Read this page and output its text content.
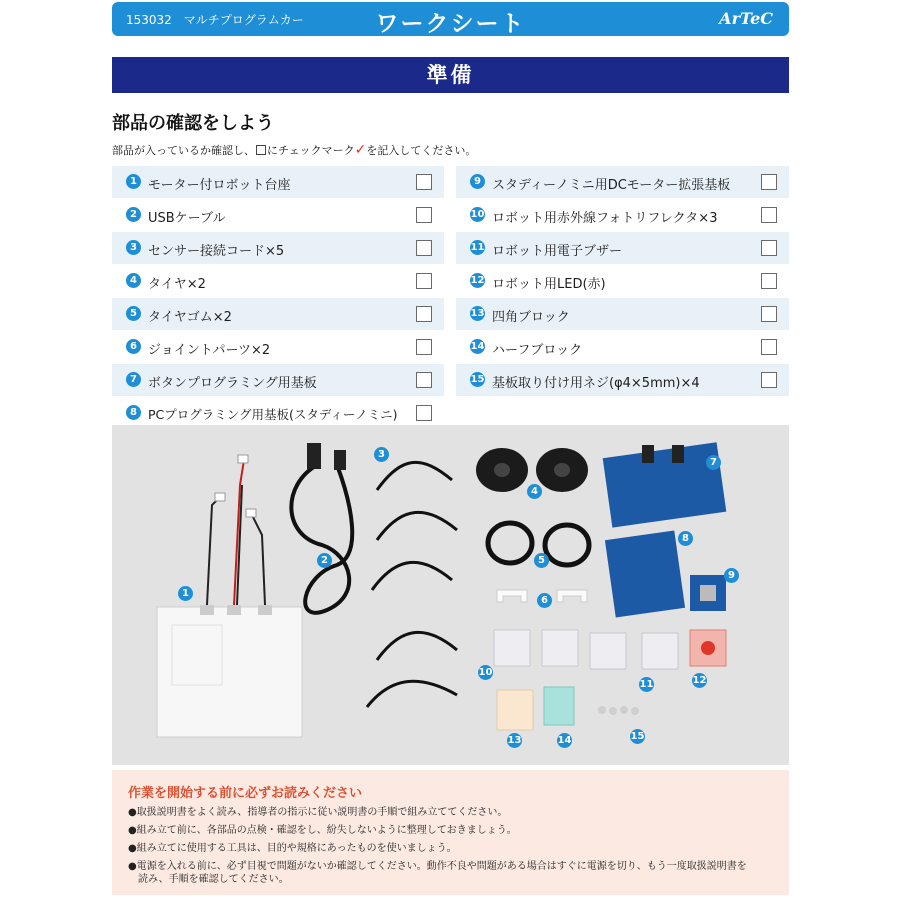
153032　マルチプログラムカー	ワークシート	ArTeC
準備
部品の確認をしよう
部品が入っているか確認し、 にチェックマーク✓を記入してください。
1 モーター付ロボット台座
2 USBケーブル
3 センサー接続コード×5
4 タイヤ×2
5 タイヤゴム×2
6 ジョイントパーツ×2
7 ボタンプログラミング用基板
8 PCプログラミング用基板(スタディーノミニ)
9 スタディーノミニ用DCモーター拡張基板
10 ロボット用赤外線フォトリフレクタ×3
11 ロボット用電子ブザー
12 ロボット用LED(赤)
13 四角ブロック
14 ハーフブロック
15 基板取り付け用ネジ(φ4×5mm)×4
1
2
3
4
5
6
7
8
9
10
11	12
13	14	15
作業を開始する前に必ずお読みください
●取扱説明書をよく読み、指導者の指示に従い説明書の手順で組み立ててください。
●組み立て前に、各部品の点検・確認をし、紛失しないように整理しておきましょう。
●組み立てに使用する工具は、目的や規格にあったものを使いましょう。
●電源を入れる前に、必ず目視で問題がないか確認してください。動作不良や問題がある場合はすぐに電源を切り、もう一度取扱説明書を
　読み、手順を確認してください。
